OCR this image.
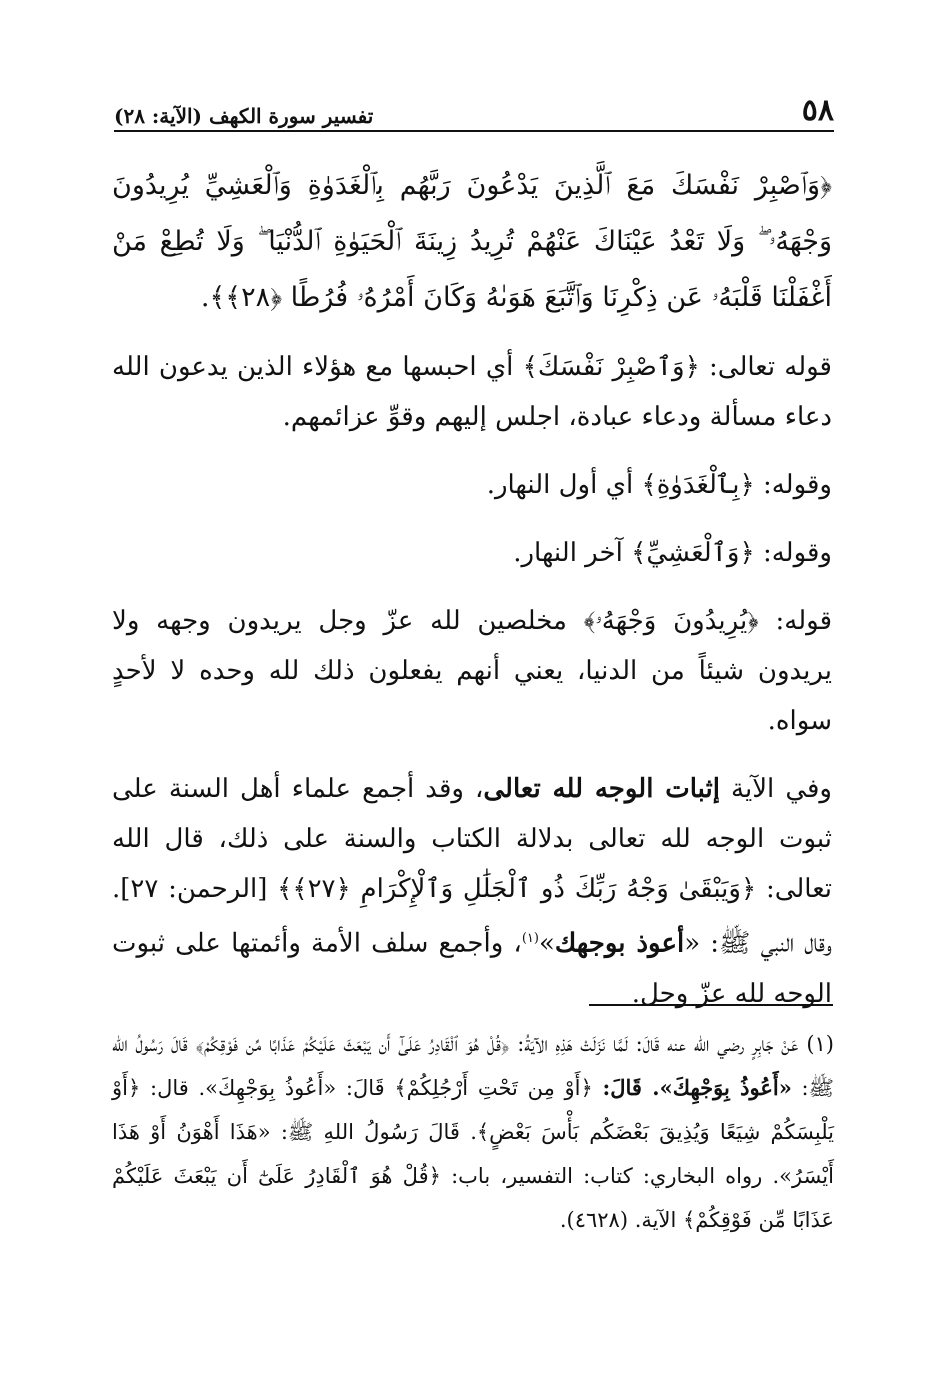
٥٨
تفسير سورة الكهف (الآية: ٢٨)

﴿وَٱصْبِرْ نَفْسَكَ مَعَ ٱلَّذِينَ يَدْعُونَ رَبَّهُم بِٱلْغَدَوٰةِ وَٱلْعَشِيِّ يُرِيدُونَ وَجْهَهُۥ ۖ وَلَا تَعْدُ عَيْنَاكَ عَنْهُمْ تُرِيدُ زِينَةَ ٱلْحَيَوٰةِ ٱلدُّنْيَا ۖ وَلَا تُطِعْ مَنْ أَغْفَلْنَا قَلْبَهُۥ عَن ذِكْرِنَا وَٱتَّبَعَ هَوَىٰهُ وَكَانَ أَمْرُهُۥ فُرُطًا ﴿٢٨﴾﴾.

قوله تعالى: ﴿وَٱصْبِرْ نَفْسَكَ﴾ أي احبسها مع هؤلاء الذين يدعون الله دعاء مسألة ودعاء عبادة، اجلس إليهم وقوِّ عزائمهم.

وقوله: ﴿بِٱلْغَدَوٰةِ﴾ أي أول النهار.

وقوله: ﴿وَٱلْعَشِيِّ﴾ آخر النهار.

قوله: ﴿يُرِيدُونَ وَجْهَهُۥ﴾ مخلصين لله عزّ وجل يريدون وجهه ولا يريدون شيئاً من الدنيا، يعني أنهم يفعلون ذلك لله وحده لا لأحدٍ سواه.

وفي الآية إثبات الوجه لله تعالى، وقد أجمع علماء أهل السنة على ثبوت الوجه لله تعالى بدلالة الكتاب والسنة على ذلك، قال الله تعالى: ﴿وَيَبْقَىٰ وَجْهُ رَبِّكَ ذُو ٱلْجَلَٰلِ وَٱلْإِكْرَامِ ﴿٢٧﴾﴾ [الرحمن: ٢٧]. وقال النبي ﷺ: «أعوذ بوجهك»$^{(١)}$، وأجمع سلف الأمة وأئمتها على ثبوت الوجه لله عزّ وجل.

(١)عَنْ جَابِرٍ رضي الله عنه قَالَ: لَمَّا نَزَلَتْ هَذِهِ الآيَةُ: ﴿قُلْ هُوَ ٱلْقَادِرُ عَلَىٰٓ أَن يَبْعَثَ عَلَيْكُمْ عَذَابًا مِّن فَوْقِكُمْ﴾ قَالَ رَسُولُ الله ﷺ: «أَعُوذُ بِوَجْهِكَ». قَالَ: ﴿أَوْ مِن تَحْتِ أَرْجُلِكُمْ﴾ قَالَ: «أَعُوذُ بِوَجْهِكَ». قال: ﴿أَوْ يَلْبِسَكُمْ شِيَعًا وَيُذِيقَ بَعْضَكُم بَأْسَ بَعْضٍ﴾. قَالَ رَسُولُ اللهِ ﷺ: «هَذَا أَهْوَنُ أَوْ هَذَا أَيْسَرُ». رواه البخاري: كتاب: التفسير، باب: ﴿قُلْ هُوَ ٱلْقَادِرُ عَلَىٰٓ أَن يَبْعَثَ عَلَيْكُمْ عَذَابًا مِّن فَوْقِكُمْ﴾ الآية. (٤٦٢٨).
